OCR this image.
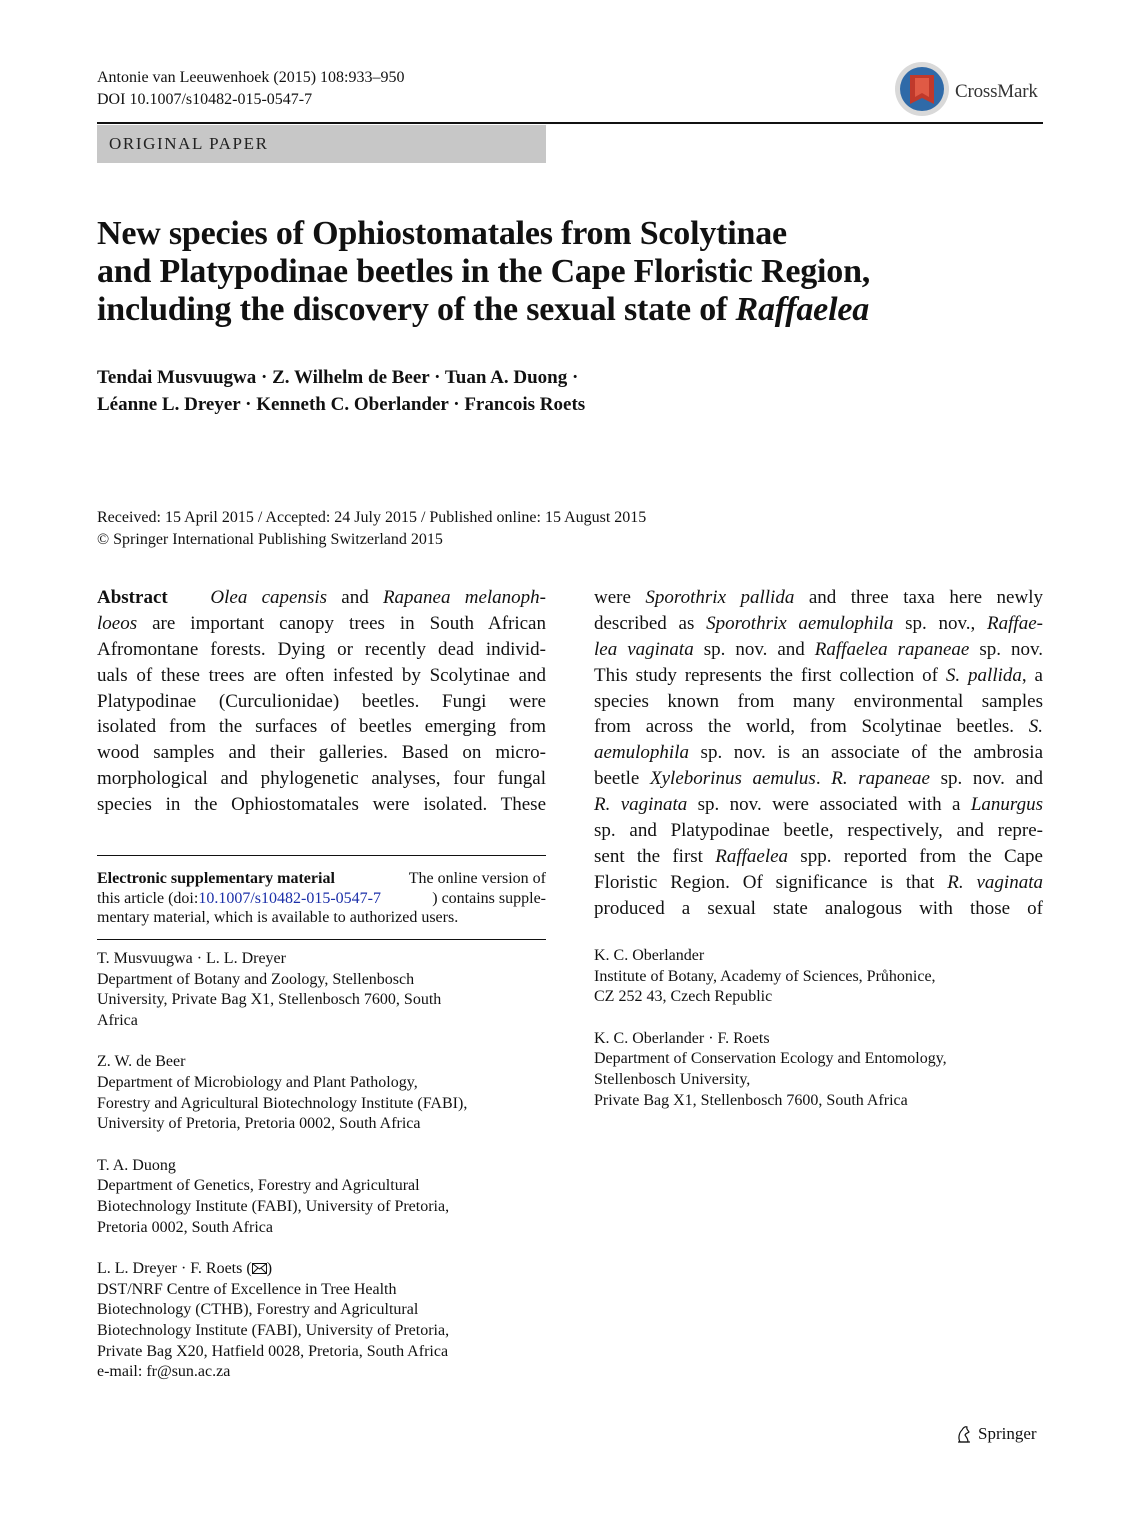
Antonie van Leeuwenhoek (2015) 108:933–950
DOI 10.1007/s10482-015-0547-7	CrossMark
ORIGINAL PAPER
New species of Ophiostomatales from Scolytinae
and Platypodinae beetles in the Cape Floristic Region,
including the discovery of the sexual state of Raffaelea
Tendai Musvuugwa · Z. Wilhelm de Beer · Tuan A. Duong ·
Léanne L. Dreyer · Kenneth C. Oberlander · Francois Roets
Received: 15 April 2015 / Accepted: 24 July 2015 / Published online: 15 August 2015
© Springer International Publishing Switzerland 2015
Abstract Olea capensis and Rapanea melanoph-
loeos are important canopy trees in South African
Afromontane forests. Dying or recently dead individ-
uals of these trees are often infested by Scolytinae and
Platypodinae (Curculionidae) beetles. Fungi were
isolated from the surfaces of beetles emerging from
wood samples and their galleries. Based on micro-
morphological and phylogenetic analyses, four fungal
species in the Ophiostomatales were isolated. These
were Sporothrix pallida and three taxa here newly
described as Sporothrix aemulophila sp. nov., Raffae-
lea vaginata sp. nov. and Raffaelea rapaneae sp. nov.
This study represents the first collection of S. pallida, a
species known from many environmental samples
from across the world, from Scolytinae beetles. S.
aemulophila sp. nov. is an associate of the ambrosia
beetle Xyleborinus aemulus. R. rapaneae sp. nov. and
R. vaginata sp. nov. were associated with a Lanurgus
sp. and Platypodinae beetle, respectively, and repre-
sent the first Raffaelea spp. reported from the Cape
Floristic Region. Of significance is that R. vaginata
produced a sexual state analogous with those of
Electronic supplementary material	The online version of
this article (doi:10.1007/s10482-015-0547-7	) contains supple-
mentary material, which is available to authorized users.
T. Musvuugwa · L. L. Dreyer
Department of Botany and Zoology, Stellenbosch
University, Private Bag X1, Stellenbosch 7600, South
Africa
Z. W. de Beer
Department of Microbiology and Plant Pathology,
Forestry and Agricultural Biotechnology Institute (FABI),
University of Pretoria, Pretoria 0002, South Africa
T. A. Duong
Department of Genetics, Forestry and Agricultural
Biotechnology Institute (FABI), University of Pretoria,
Pretoria 0002, South Africa
L. L. Dreyer · F. Roets ( )
DST/NRF Centre of Excellence in Tree Health
Biotechnology (CTHB), Forestry and Agricultural
Biotechnology Institute (FABI), University of Pretoria,
Private Bag X20, Hatfield 0028, Pretoria, South Africa
e-mail: fr@sun.ac.za
K. C. Oberlander
Institute of Botany, Academy of Sciences, Průhonice,
CZ 252 43, Czech Republic
K. C. Oberlander · F. Roets
Department of Conservation Ecology and Entomology,
Stellenbosch University,
Private Bag X1, Stellenbosch 7600, South Africa
Springer
